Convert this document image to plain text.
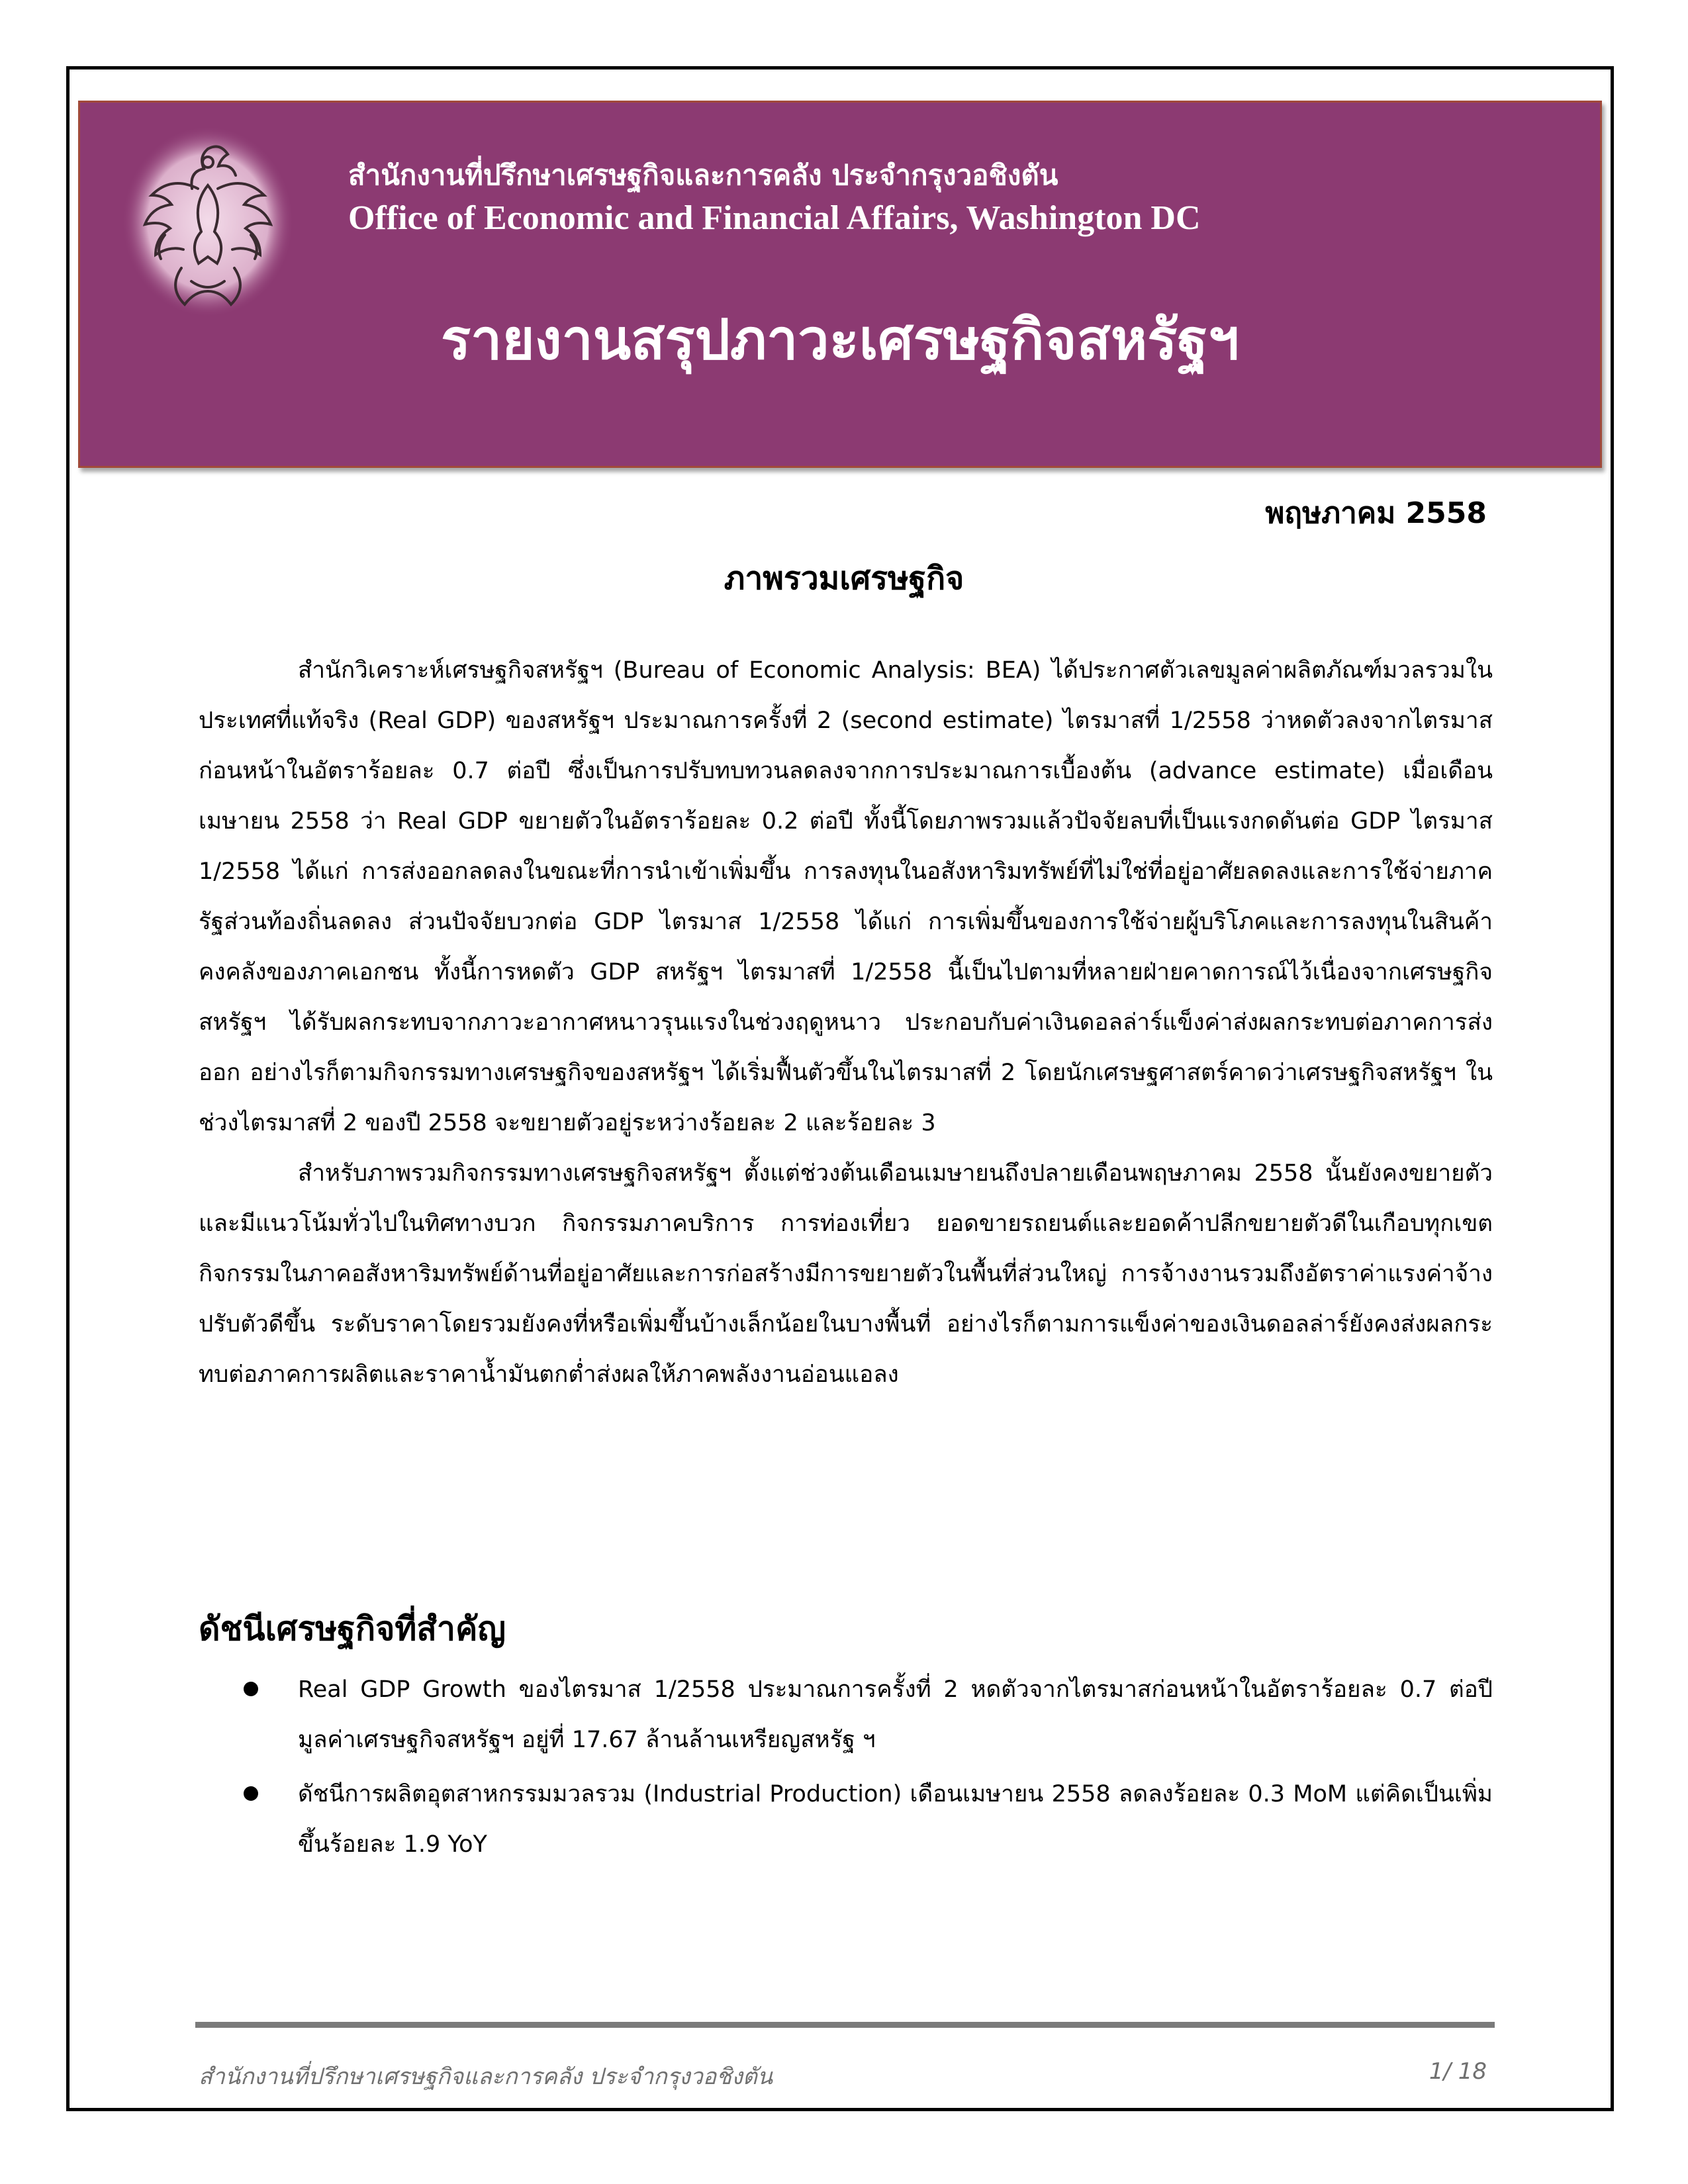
สำนักงานที่ปรึกษาเศรษฐกิจและการคลัง ประจำกรุงวอชิงตัน
Office of Economic and Financial Affairs, Washington DC
รายงานสรุปภาวะเศรษฐกิจสหรัฐฯ
พฤษภาคม 2558
ภาพรวมเศรษฐกิจ

สำนักวิเคราะห์เศรษฐกิจสหรัฐฯ (Bureau of Economic Analysis: BEA) ได้ประกาศตัวเลขมูลค่าผลิตภัณฑ์มวลรวมในประเทศที่แท้จริง (Real GDP) ของสหรัฐฯ ประมาณการครั้งที่ 2 (second estimate) ไตรมาสที่ 1/2558 ว่าหดตัวลงจากไตรมาสก่อนหน้าในอัตราร้อยละ 0.7 ต่อปี ซึ่งเป็นการปรับทบทวนลดลงจากการประมาณการเบื้องต้น (advance estimate) เมื่อเดือนเมษายน 2558 ว่า Real GDP ขยายตัวในอัตราร้อยละ 0.2 ต่อปี ทั้งนี้โดยภาพรวมแล้วปัจจัยลบที่เป็นแรงกดดันต่อ GDP ไตรมาส 1/2558 ได้แก่ การส่งออกลดลงในขณะที่การนำเข้าเพิ่มขึ้น การลงทุนในอสังหาริมทรัพย์ที่ไม่ใช่ที่อยู่อาศัยลดลงและการใช้จ่ายภาครัฐส่วนท้องถิ่นลดลง ส่วนปัจจัยบวกต่อ GDP ไตรมาส 1/2558 ได้แก่ การเพิ่มขึ้นของการใช้จ่ายผู้บริโภคและการลงทุนในสินค้าคงคลังของภาคเอกชน ทั้งนี้การหดตัว GDP สหรัฐฯ ไตรมาสที่ 1/2558 นี้เป็นไปตามที่หลายฝ่ายคาดการณ์ไว้เนื่องจากเศรษฐกิจสหรัฐฯ ได้รับผลกระทบจากภาวะอากาศหนาวรุนแรงในช่วงฤดูหนาว ประกอบกับค่าเงินดอลล่าร์แข็งค่าส่งผลกระทบต่อภาคการส่งออก อย่างไรก็ตามกิจกรรมทางเศรษฐกิจของสหรัฐฯ ได้เริ่มฟื้นตัวขึ้นในไตรมาสที่ 2 โดยนักเศรษฐศาสตร์คาดว่าเศรษฐกิจสหรัฐฯ ในช่วงไตรมาสที่ 2 ของปี 2558 จะขยายตัวอยู่ระหว่างร้อยละ 2 และร้อยละ 3

สำหรับภาพรวมกิจกรรมทางเศรษฐกิจสหรัฐฯ ตั้งแต่ช่วงต้นเดือนเมษายนถึงปลายเดือนพฤษภาคม 2558 นั้นยังคงขยายตัวและมีแนวโน้มทั่วไปในทิศทางบวก กิจกรรมภาคบริการ การท่องเที่ยว ยอดขายรถยนต์และยอดค้าปลีกขยายตัวดีในเกือบทุกเขต กิจกรรมในภาคอสังหาริมทรัพย์ด้านที่อยู่อาศัยและการก่อสร้างมีการขยายตัวในพื้นที่ส่วนใหญ่ การจ้างงานรวมถึงอัตราค่าแรงค่าจ้างปรับตัวดีขึ้น ระดับราคาโดยรวมยังคงที่หรือเพิ่มขึ้นบ้างเล็กน้อยในบางพื้นที่ อย่างไรก็ตามการแข็งค่าของเงินดอลล่าร์ยังคงส่งผลกระทบต่อภาคการผลิตและราคาน้ำมันตกต่ำส่งผลให้ภาคพลังงานอ่อนแอลง

ดัชนีเศรษฐกิจที่สำคัญ
Real GDP Growth ของไตรมาส 1/2558 ประมาณการครั้งที่ 2 หดตัวจากไตรมาสก่อนหน้าในอัตราร้อยละ 0.7 ต่อปี มูลค่าเศรษฐกิจสหรัฐฯ อยู่ที่ 17.67 ล้านล้านเหรียญสหรัฐ ฯ
ดัชนีการผลิตอุตสาหกรรมมวลรวม (Industrial Production) เดือนเมษายน 2558 ลดลงร้อยละ 0.3 MoM แต่คิดเป็นเพิ่มขึ้นร้อยละ 1.9 YoY
สำนักงานที่ปรึกษาเศรษฐกิจและการคลัง ประจำกรุงวอชิงตัน	1/ 18
